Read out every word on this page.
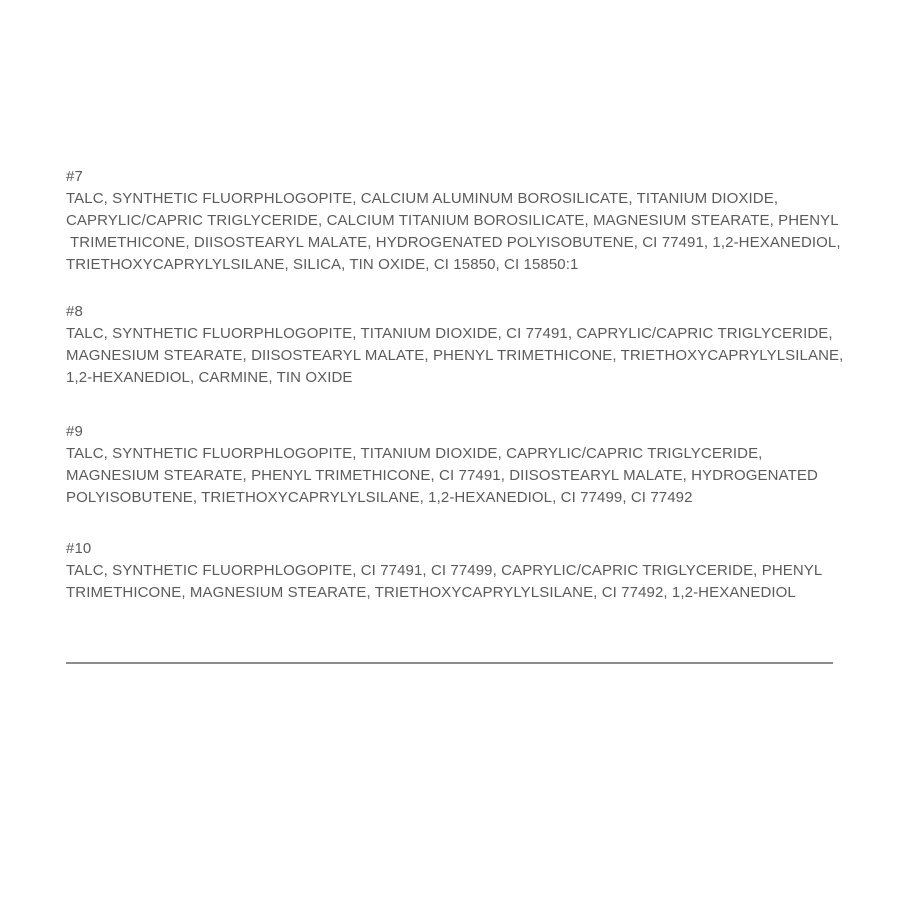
#7
TALC, SYNTHETIC FLUORPHLOGOPITE, CALCIUM ALUMINUM BOROSILICATE, TITANIUM DIOXIDE,
CAPRYLIC/CAPRIC TRIGLYCERIDE, CALCIUM TITANIUM BOROSILICATE, MAGNESIUM STEARATE, PHENYL
TRIMETHICONE, DIISOSTEARYL MALATE, HYDROGENATED POLYISOBUTENE, CI 77491, 1,2-HEXANEDIOL,
TRIETHOXYCAPRYLYLSILANE, SILICA, TIN OXIDE, CI 15850, CI 15850:1
#8
TALC, SYNTHETIC FLUORPHLOGOPITE, TITANIUM DIOXIDE, CI 77491, CAPRYLIC/CAPRIC TRIGLYCERIDE,
MAGNESIUM STEARATE, DIISOSTEARYL MALATE, PHENYL TRIMETHICONE, TRIETHOXYCAPRYLYLSILANE,
1,2-HEXANEDIOL, CARMINE, TIN OXIDE
#9
TALC, SYNTHETIC FLUORPHLOGOPITE, TITANIUM DIOXIDE, CAPRYLIC/CAPRIC TRIGLYCERIDE,
MAGNESIUM STEARATE, PHENYL TRIMETHICONE, CI 77491, DIISOSTEARYL MALATE, HYDROGENATED
POLYISOBUTENE, TRIETHOXYCAPRYLYLSILANE, 1,2-HEXANEDIOL, CI 77499, CI 77492
#10
TALC, SYNTHETIC FLUORPHLOGOPITE, CI 77491, CI 77499, CAPRYLIC/CAPRIC TRIGLYCERIDE, PHENYL
TRIMETHICONE, MAGNESIUM STEARATE, TRIETHOXYCAPRYLYLSILANE, CI 77492, 1,2-HEXANEDIOL
